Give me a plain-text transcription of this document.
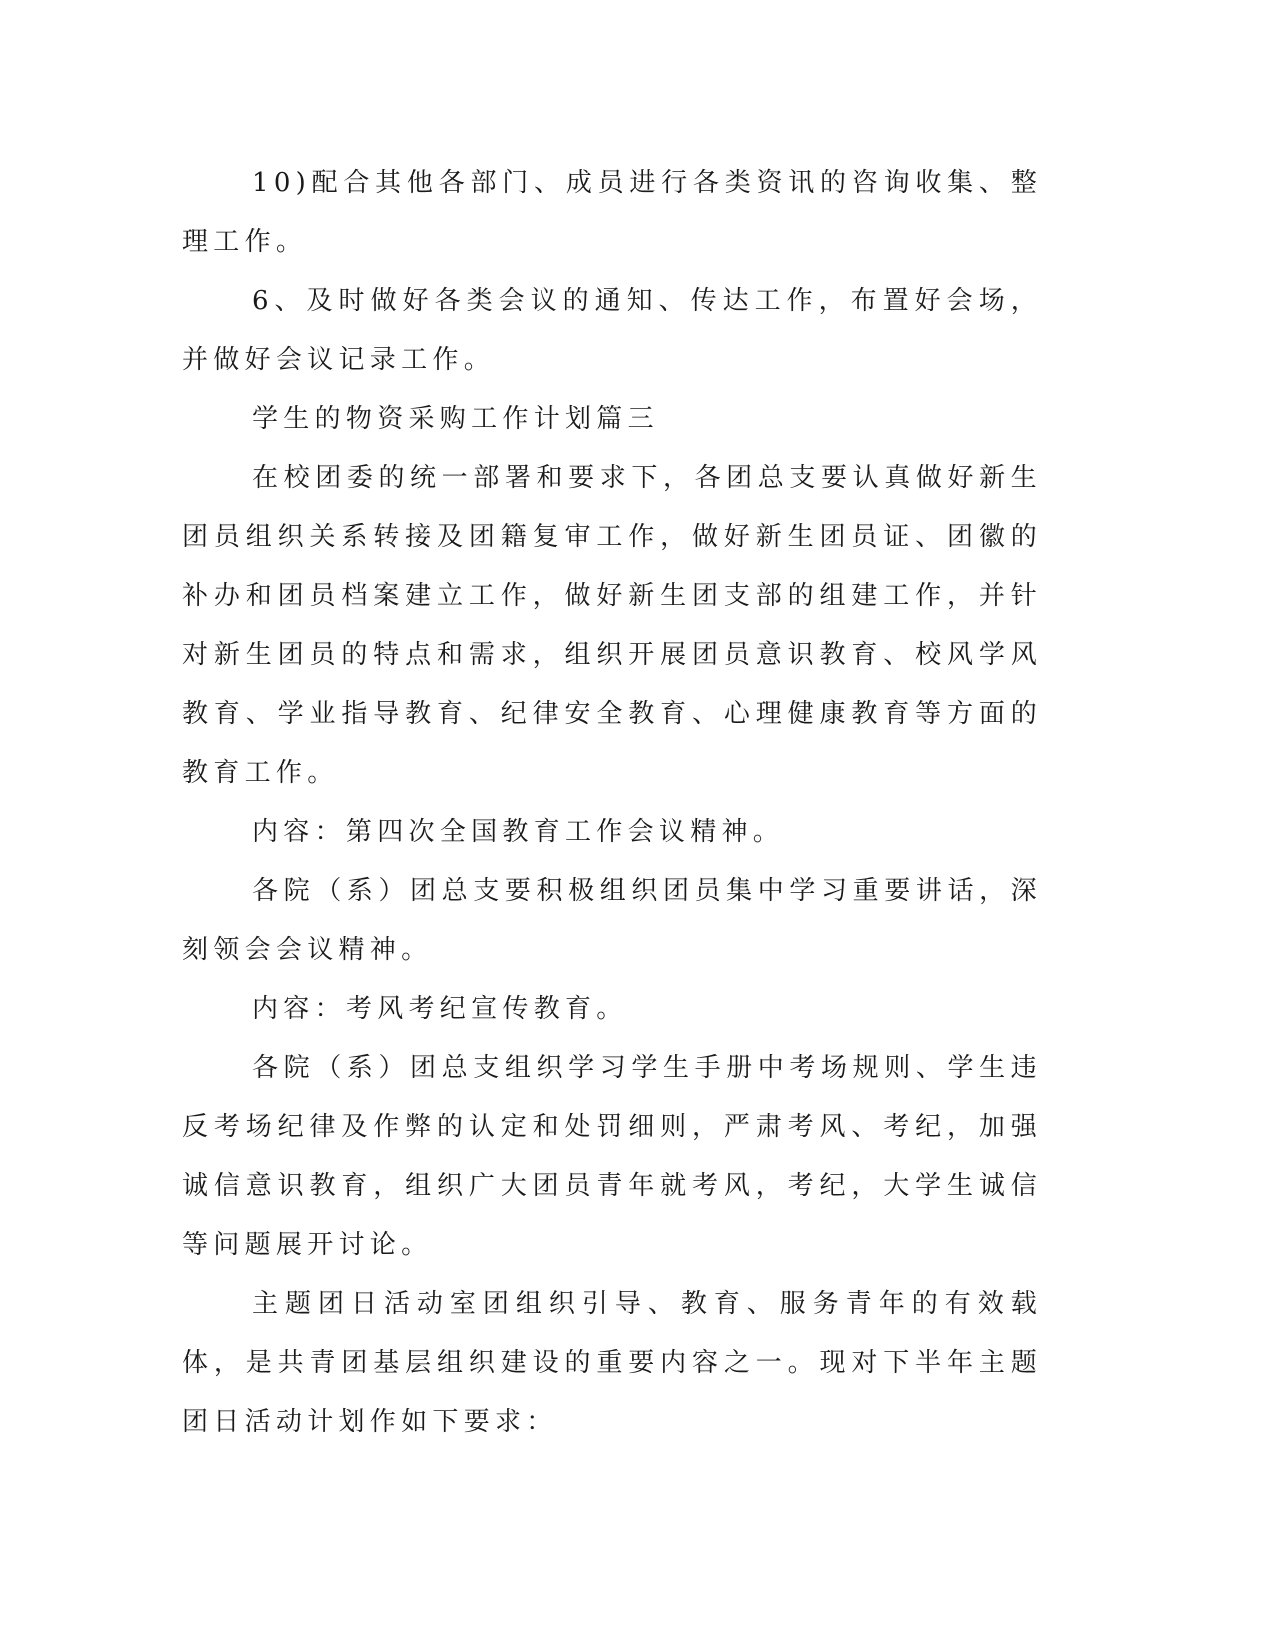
10)配合其他各部门、成员进行各类资讯的咨询收集、整理工作。

6、及时做好各类会议的通知、传达工作，布置好会场，并做好会议记录工作。

学生的物资采购工作计划篇三

在校团委的统一部署和要求下，各团总支要认真做好新生团员组织关系转接及团籍复审工作，做好新生团员证、团徽的补办和团员档案建立工作，做好新生团支部的组建工作，并针对新生团员的特点和需求，组织开展团员意识教育、校风学风教育、学业指导教育、纪律安全教育、心理健康教育等方面的教育工作。

内容：第四次全国教育工作会议精神。

各院（系）团总支要积极组织团员集中学习重要讲话，深刻领会会议精神。

内容：考风考纪宣传教育。

各院（系）团总支组织学习学生手册中考场规则、学生违反考场纪律及作弊的认定和处罚细则，严肃考风、考纪，加强诚信意识教育，组织广大团员青年就考风，考纪，大学生诚信等问题展开讨论。

主题团日活动室团组织引导、教育、服务青年的有效载体，是共青团基层组织建设的重要内容之一。现对下半年主题团日活动计划作如下要求：
